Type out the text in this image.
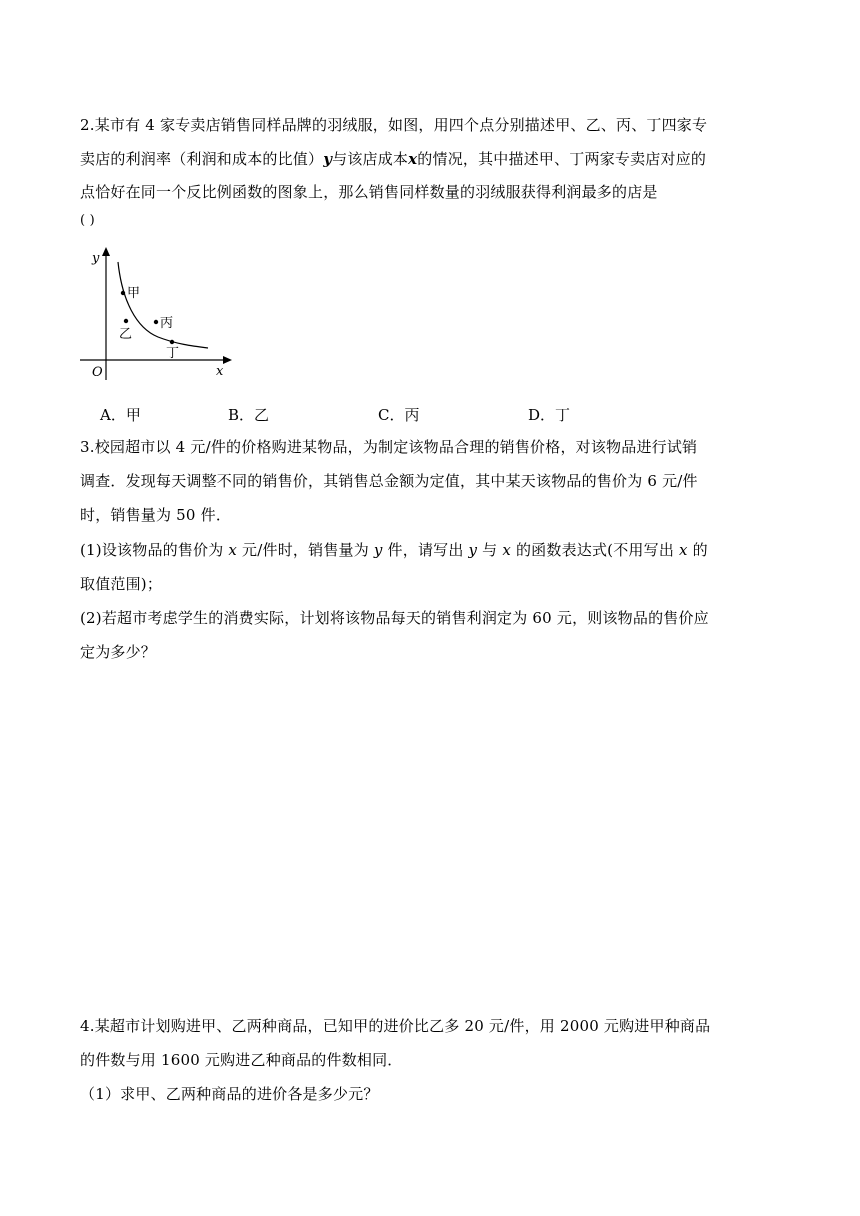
2.某市有 4 家专卖店销售同样品牌的羽绒服，如图，用四个点分别描述甲、乙、丙、丁四家专
卖店的利润率（利润和成本的比值）y与该店成本x的情况，其中描述甲、丁两家专卖店对应的
点恰好在同一个反比例函数的图象上，那么销售同样数量的羽绒服获得利润最多的店是
( )
y
x
O
甲
乙
丙
丁
A．甲	B．乙	C．丙	D．丁
3.校园超市以 4 元/件的价格购进某物品，为制定该物品合理的销售价格，对该物品进行试销
调查．发现每天调整不同的销售价，其销售总金额为定值，其中某天该物品的售价为 6 元/件
时，销售量为 50 件．
(1)设该物品的售价为 x 元/件时，销售量为 y 件，请写出 y 与 x 的函数表达式(不用写出 x 的
取值范围)；
(2)若超市考虑学生的消费实际，计划将该物品每天的销售利润定为 60 元，则该物品的售价应
定为多少？
4.某超市计划购进甲、乙两种商品，已知甲的进价比乙多 20 元/件，用 2000 元购进甲种商品
的件数与用 1600 元购进乙种商品的件数相同．
（1）求甲、乙两种商品的进价各是多少元？
